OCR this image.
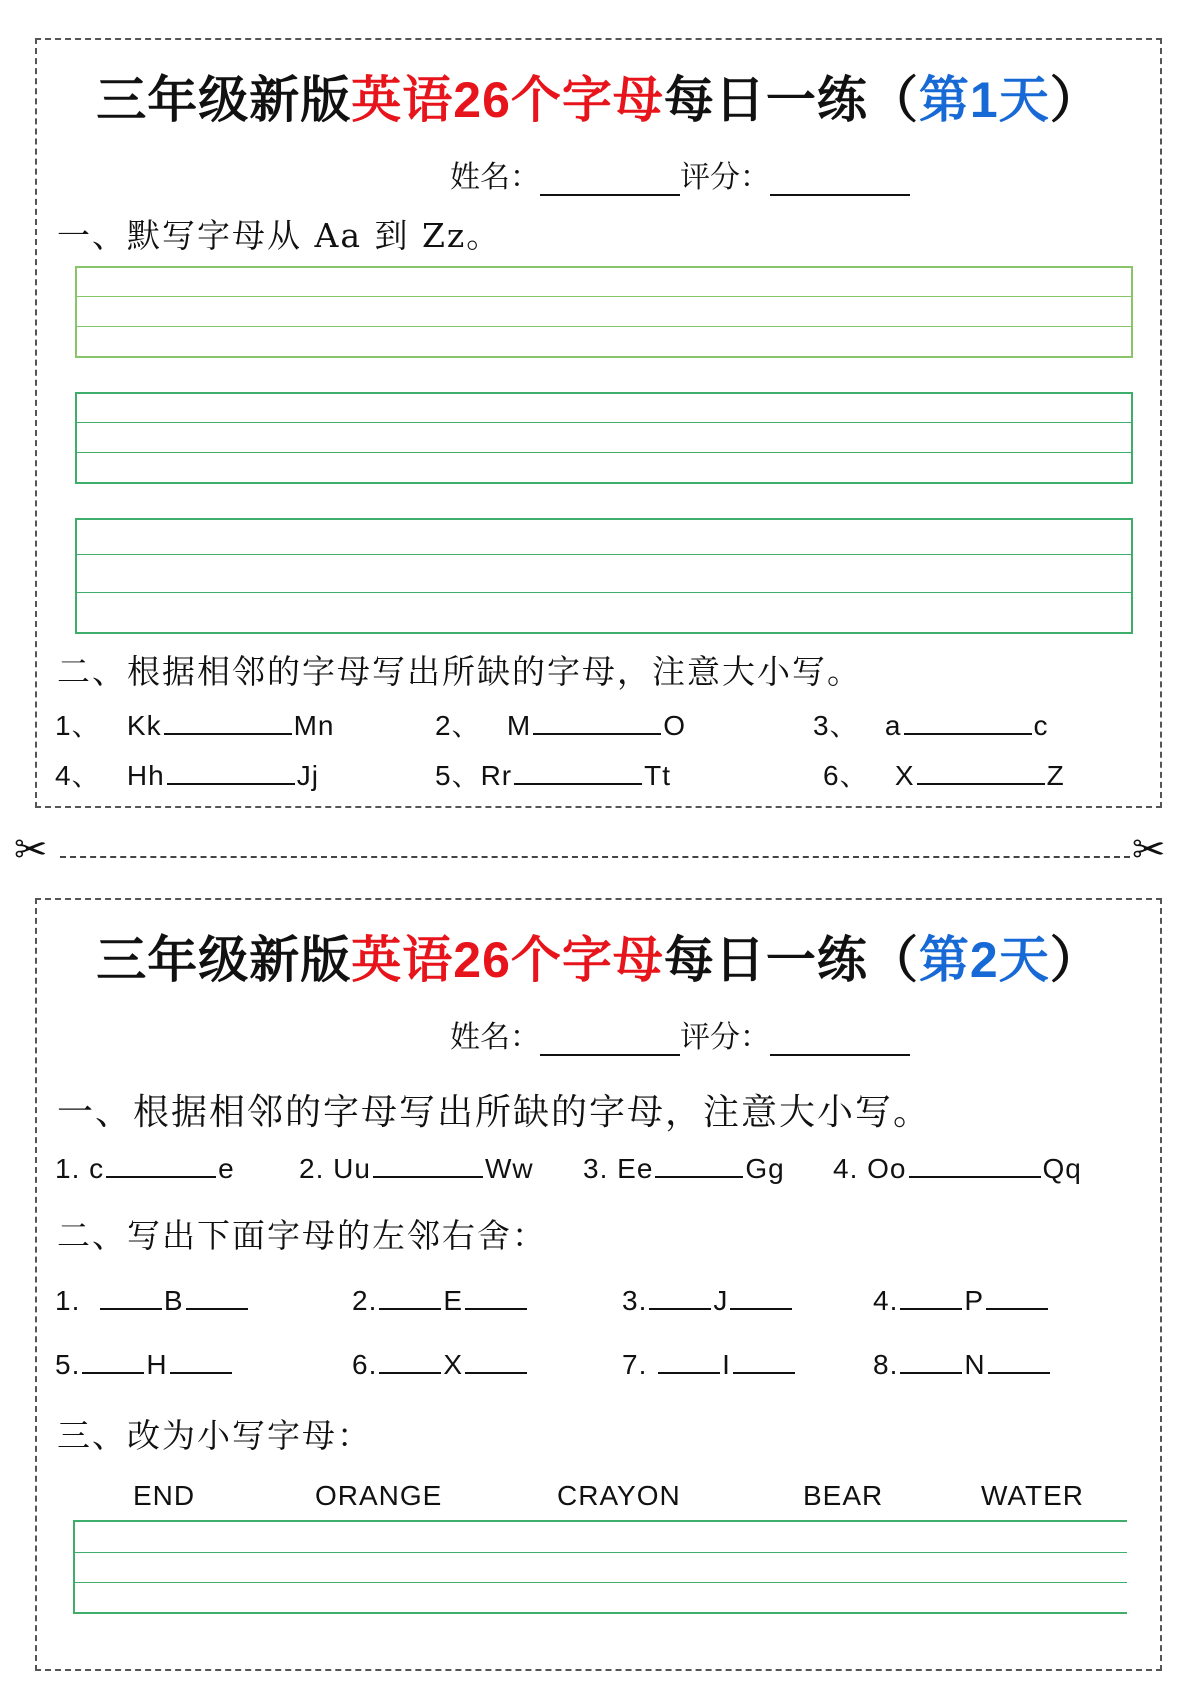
三年级新版英语26个字母每日一练（第1天）
姓名：	评分：
一、默写字母从 Aa 到 Zz。
二、根据相邻的字母写出所缺的字母，注意大小写。
1、 Kk	Mn	2、 M	O	3、 a	c
4、 Hh	Jj	5、Rr	Tt	6、 X	Z
✂	✂
三年级新版英语26个字母每日一练（第2天）
姓名：	评分：
一、根据相邻的字母写出所缺的字母，注意大小写。
1. c	e 2. Uu	Ww 3. Ee	Gg 4. Oo	Qq
二、写出下面字母的左邻右舍：
1.	B	2. E	3. J	4. P
5. H	6. X	7.	I	8. N
三、改为小写字母：
END	ORANGE	CRAYON	BEAR	WATER
